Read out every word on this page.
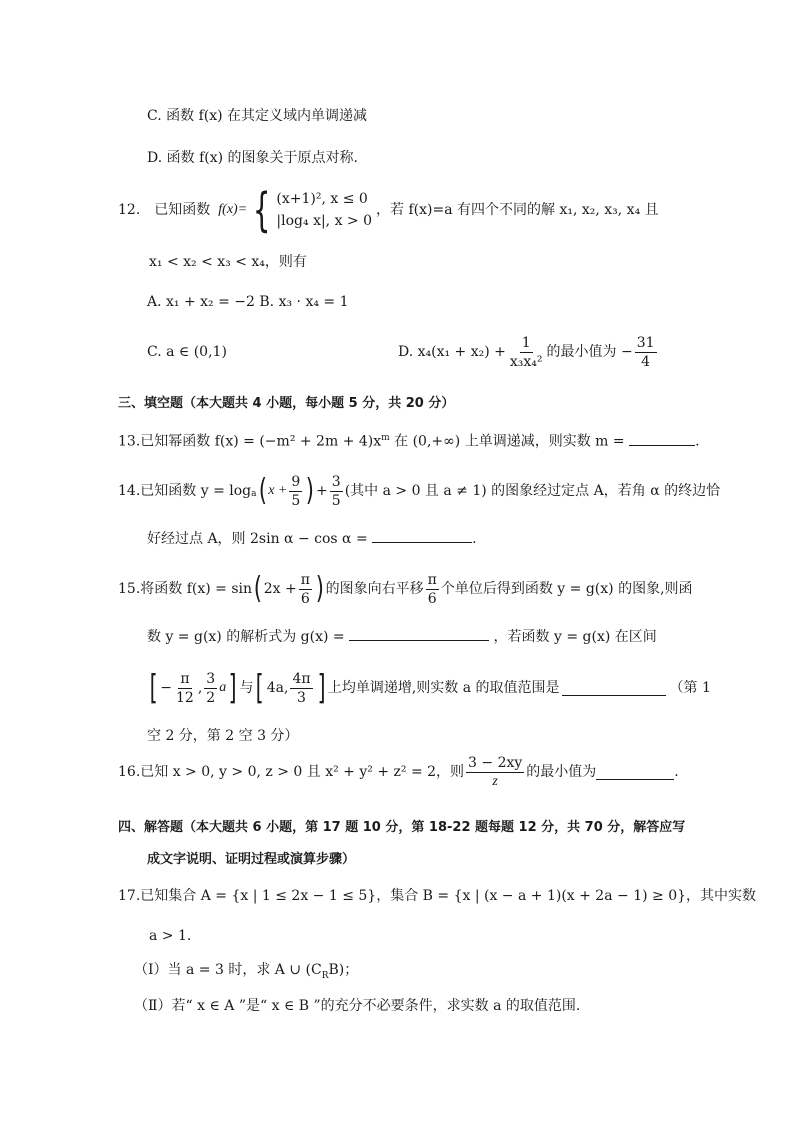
C. 函数 f(x) 在其定义域内单调递减
D. 函数 f(x) 的图象关于原点对称.
12. 已知函数 f(x)= { (x+1)², x ≤ 0
|log₄ x|, x > 0
，若 f(x)=a 有四个不同的解 x₁, x₂, x₃, x₄ 且
x₁ < x₂ < x₃ < x₄，则有
A. x₁ + x₂ = −2 B. x₃ · x₄ = 1
C. a ∈ (0,1)	D. $x_4(x_1 + x_2) + \frac{1}{\text{x₃x₄²}}$ 的最小值为 − $\frac{31}{4}$
三、填空题（本大题共 4 小题，每小题 5 分，共 20 分）
13.已知幂函数 $f(x) = (-m^2 + 2m + 4)x^m$ 在 (0,+∞) 上单调递减，则实数 m =	.
14.已知函数 $y = \log_a$ ( $x + \frac{9}{5}$ ) + $\frac{3}{5}$ (其中 a > 0 且 a ≠ 1) 的图象经过定点 A，若角 α 的终边恰
好经过点 A，则 2sin α − cos α =	.
15.将函数 f(x) = sin ( $2x + \frac{\pi}{6}$ ) 的图象向右平移 $\frac{\pi}{6}$ 个单位后得到函数 y = g(x) 的图象,则函
数 y = g(x) 的解析式为 g(x) =	，若函数 y = g(x) 在区间
[ − $\frac{\pi}{12}$ , $\frac{3}{2}$ a ] 与 [ 4a, $\frac{4\pi}{3}$ ] 上均单调递增,则实数 a 的取值范围是	（第 1
空 2 分，第 2 空 3 分）
16.已知 x > 0, y > 0, z > 0 且 x² + y² + z² = 2，则 $\frac{3 - 2xy}{z}$ 的最小值为	.
四、解答题（本大题共 6 小题，第 17 题 10 分，第 18-22 题每题 12 分，共 70 分，解答应写
成文字说明、证明过程或演算步骤）
17.已知集合 A = {x | 1 ≤ 2x − 1 ≤ 5}，集合 B = {x | (x − a + 1)(x + 2a − 1) ≥ 0}，其中实数
a > 1.
（Ⅰ）当 a = 3 时，求 A ∪ $(C_RB)$；
（Ⅱ）若“ x ∈ A ”是“ x ∈ B ”的充分不必要条件，求实数 a 的取值范围.
